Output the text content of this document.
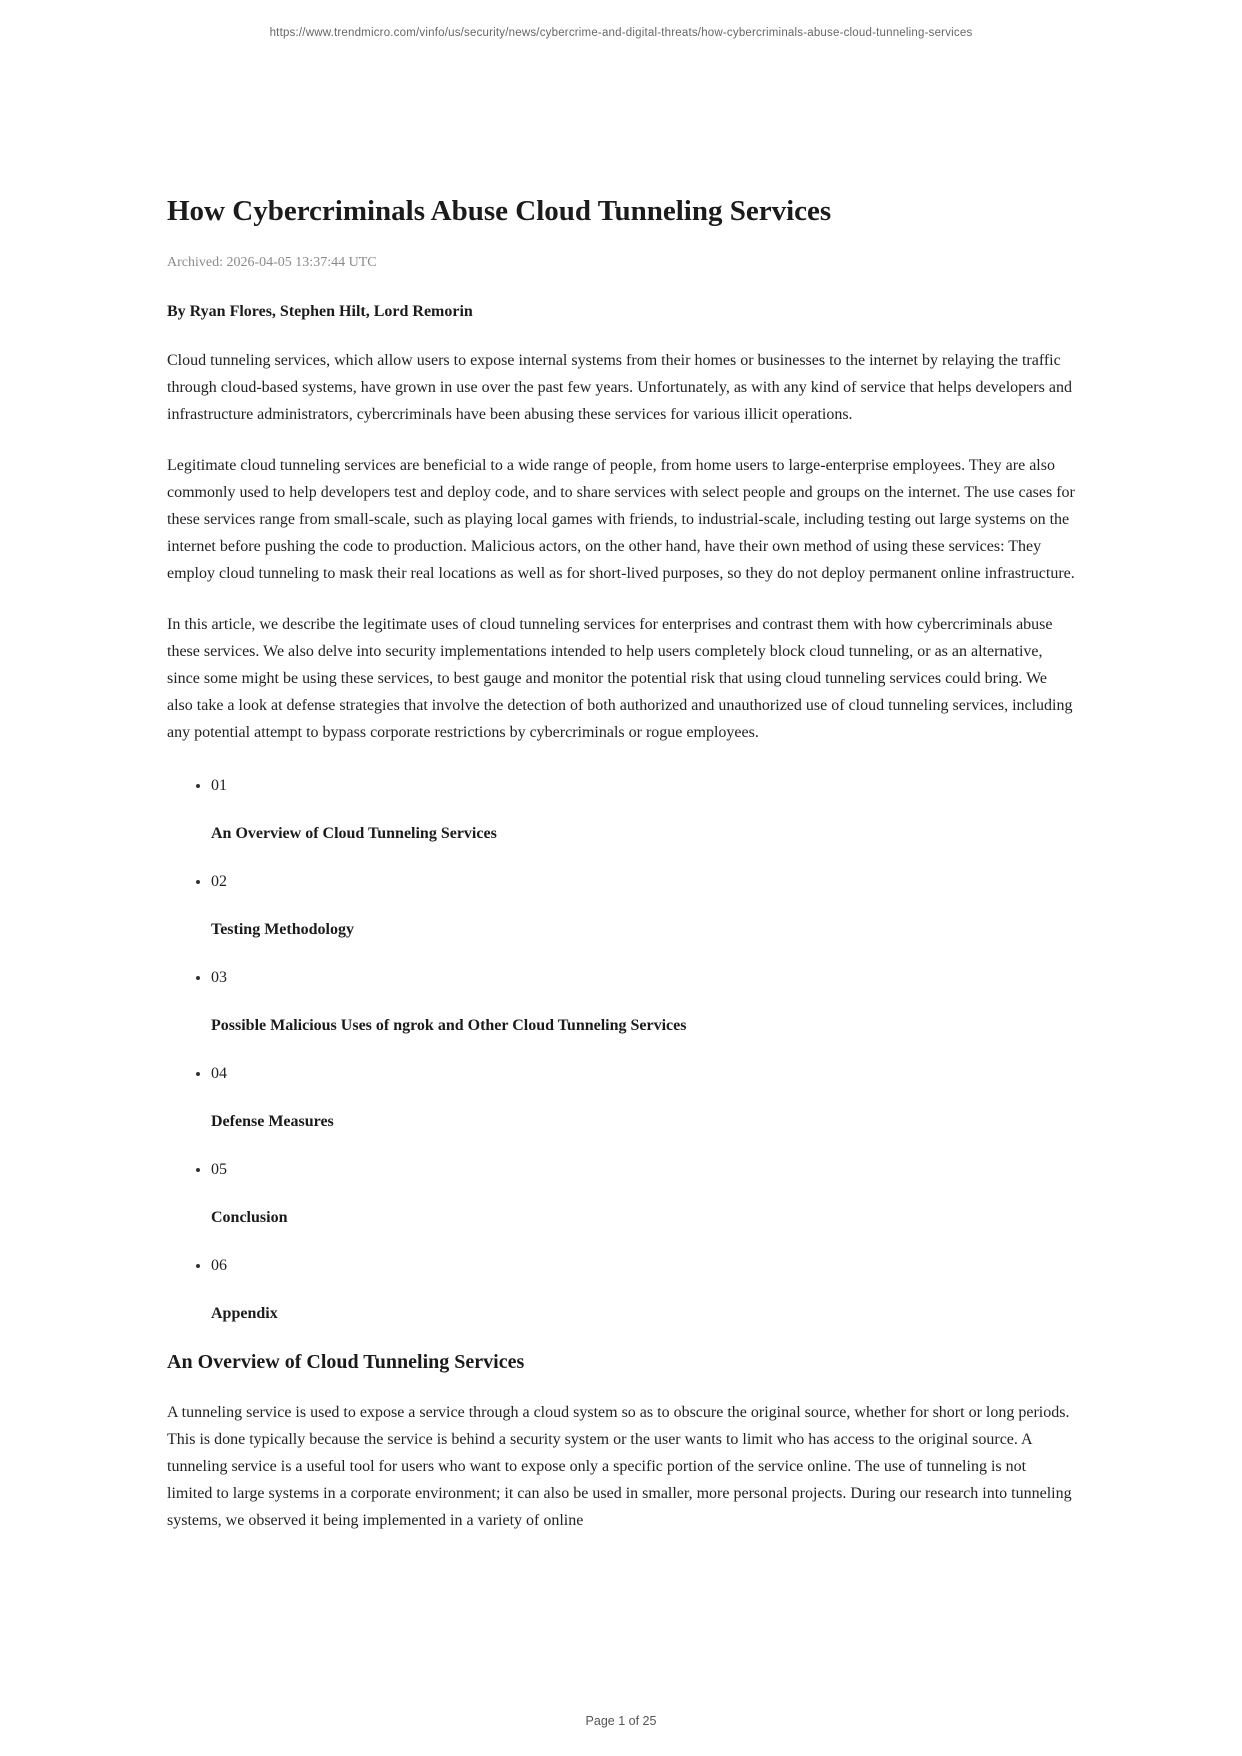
https://www.trendmicro.com/vinfo/us/security/news/cybercrime-and-digital-threats/how-cybercriminals-abuse-cloud-tunneling-services
How Cybercriminals Abuse Cloud Tunneling Services
Archived: 2026-04-05 13:37:44 UTC
By Ryan Flores, Stephen Hilt, Lord Remorin

Cloud tunneling services, which allow users to expose internal systems from their homes or businesses to the internet by relaying the traffic through cloud-based systems, have grown in use over the past few years. Unfortunately, as with any kind of service that helps developers and infrastructure administrators, cybercriminals have been abusing these services for various illicit operations.

Legitimate cloud tunneling services are beneficial to a wide range of people, from home users to large-enterprise employees. They are also commonly used to help developers test and deploy code, and to share services with select people and groups on the internet. The use cases for these services range from small-scale, such as playing local games with friends, to industrial-scale, including testing out large systems on the internet before pushing the code to production. Malicious actors, on the other hand, have their own method of using these services: They employ cloud tunneling to mask their real locations as well as for short-lived purposes, so they do not deploy permanent online infrastructure.

In this article, we describe the legitimate uses of cloud tunneling services for enterprises and contrast them with how cybercriminals abuse these services. We also delve into security implementations intended to help users completely block cloud tunneling, or as an alternative, since some might be using these services, to best gauge and monitor the potential risk that using cloud tunneling services could bring. We also take a look at defense strategies that involve the detection of both authorized and unauthorized use of cloud tunneling services, including any potential attempt to bypass corporate restrictions by cybercriminals or rogue employees.

• 01
An Overview of Cloud Tunneling Services
• 02
Testing Methodology
• 03
Possible Malicious Uses of ngrok and Other Cloud Tunneling Services
• 04
Defense Measures
• 05
Conclusion
• 06
Appendix
An Overview of Cloud Tunneling Services

A tunneling service is used to expose a service through a cloud system so as to obscure the original source, whether for short or long periods. This is done typically because the service is behind a security system or the user wants to limit who has access to the original source. A tunneling service is a useful tool for users who want to expose only a specific portion of the service online. The use of tunneling is not limited to large systems in a corporate environment; it can also be used in smaller, more personal projects. During our research into tunneling systems, we observed it being implemented in a variety of online

Page 1 of 25
